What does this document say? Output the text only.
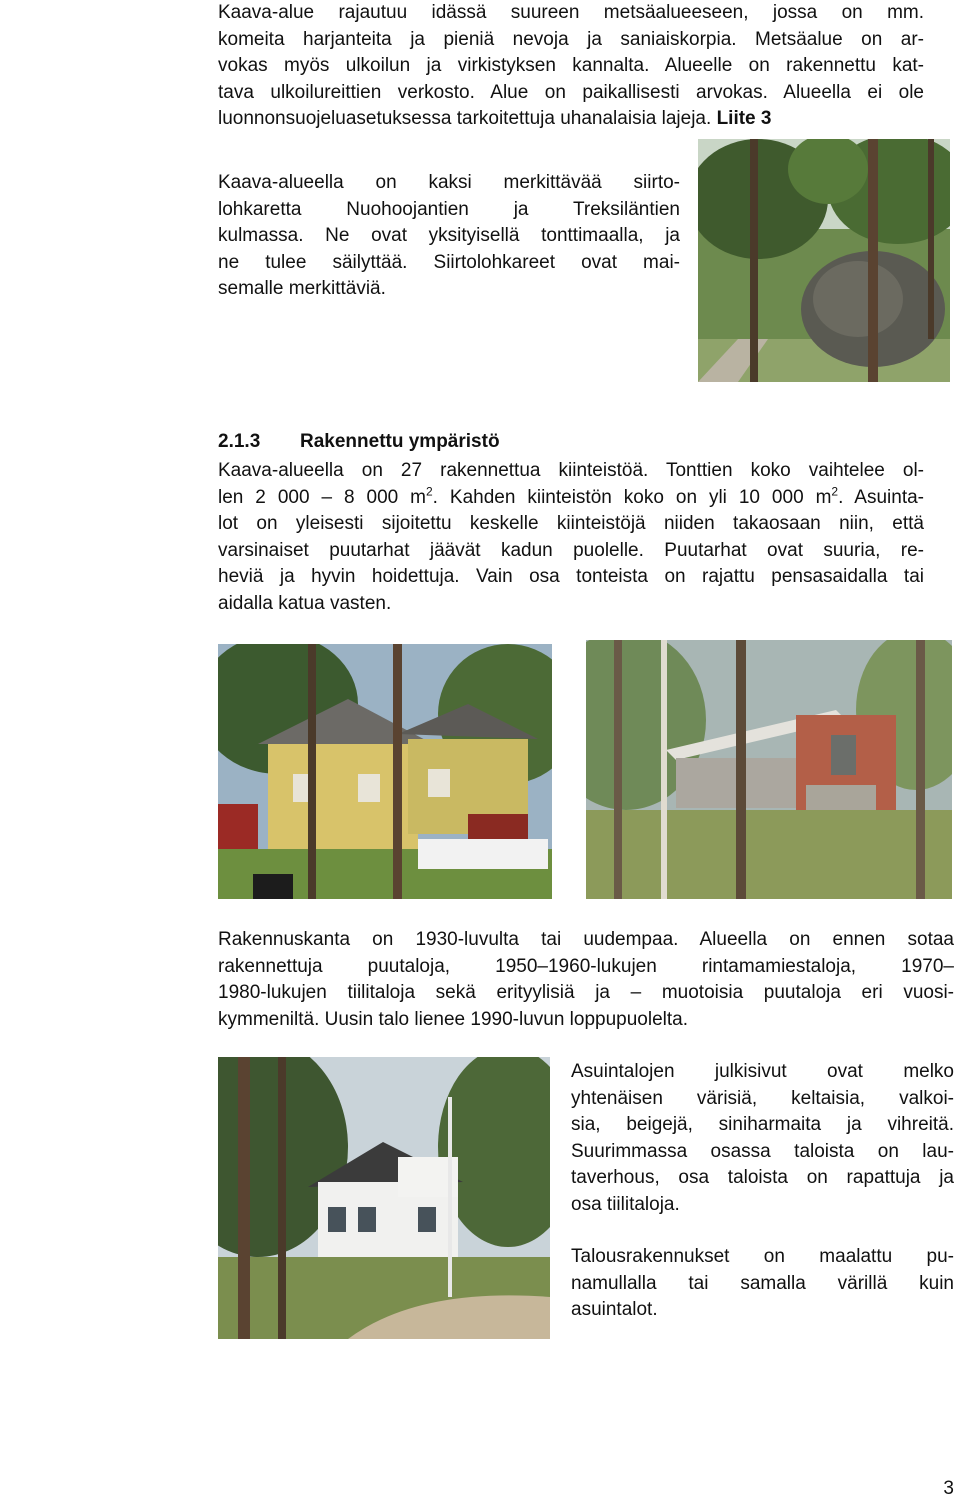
Kaava-alue rajautuu idässä suureen metsäalueeseen, jossa on mm.
komeita harjanteita ja pieniä nevoja ja saniaiskorpia. Metsäalue on ar-
vokas myös ulkoilun ja virkistyksen kannalta. Alueelle on rakennettu kat-
tava ulkoilureittien verkosto. Alue on paikallisesti arvokas. Alueella ei ole
luonnonsuojeluasetuksessa tarkoitettuja uhanalaisia lajeja. Liite 3
Kaava-alueella on kaksi merkittävää siirto-
lohkaretta Nuohoojantien ja Treksiläntien
kulmassa. Ne ovat yksityisellä tonttimaalla, ja
ne tulee säilyttää. Siirtolohkareet ovat mai-
semalle merkittäviä.
2.1.3 Rakennettu ympäristö
Kaava-alueella on 27 rakennettua kiinteistöä. Tonttien koko vaihtelee ol-
len 2 000 – 8 000 $m^2$. Kahden kiinteistön koko on yli 10 000 $m^2$. Asuinta-
lot on yleisesti sijoitettu keskelle kiinteistöjä niiden takaosaan niin, että
varsinaiset puutarhat jäävät kadun puolelle. Puutarhat ovat suuria, re-
heviä ja hyvin hoidettuja. Vain osa tonteista on rajattu pensasaidalla tai
aidalla katua vasten.
Rakennuskanta on 1930-luvulta tai uudempaa. Alueella on ennen sotaa
rakennettuja puutaloja, 1950–1960-lukujen rintamamiestaloja, 1970–
1980-lukujen tiilitaloja sekä erityylisiä ja – muotoisia puutaloja eri vuosi-
kymmeniltä. Uusin talo lienee 1990-luvun loppupuolelta.
Asuintalojen julkisivut ovat melko
yhtenäisen värisiä, keltaisia, valkoi-
sia, beigejä, siniharmaita ja vihreitä.
Suurimmassa osassa taloista on lau-
taverhous, osa taloista on rapattuja ja
osa tiilitaloja.
Talousrakennukset on maalattu pu-
namullalla tai samalla värillä kuin
asuintalot.
3
